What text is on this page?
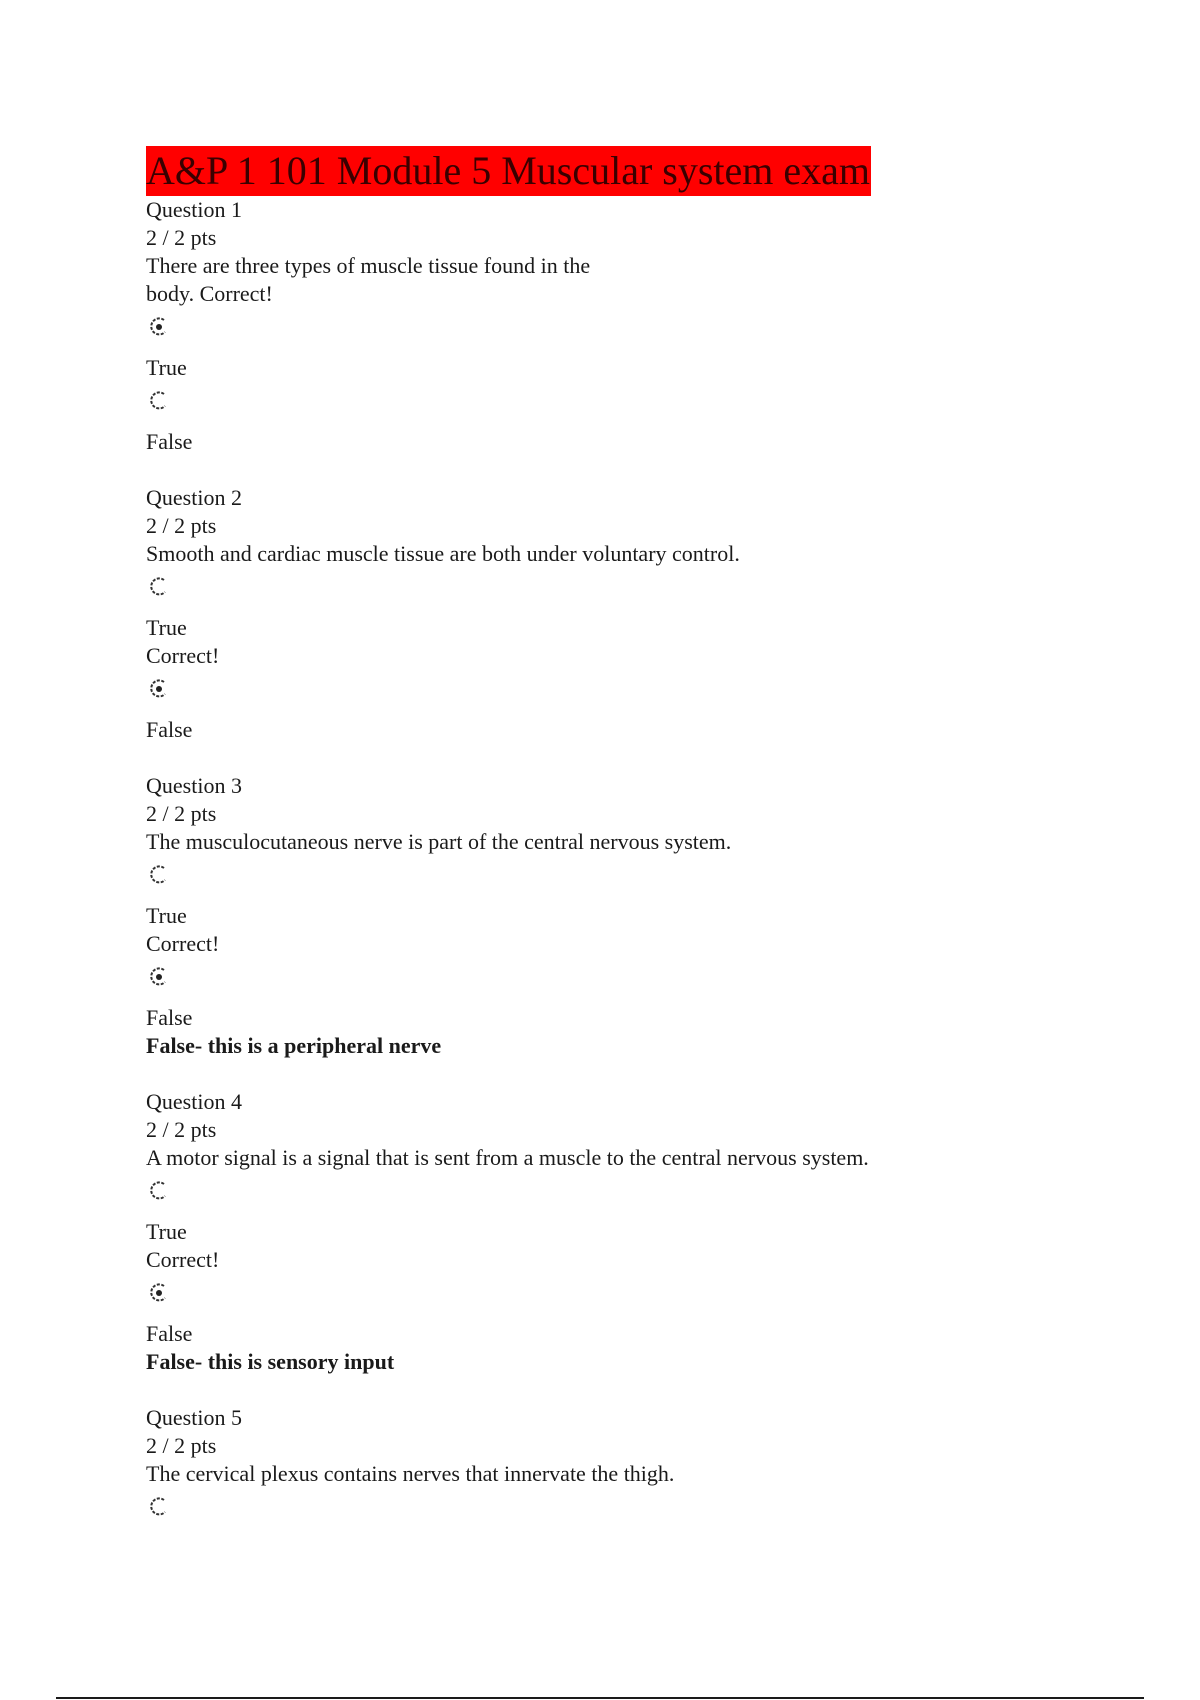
A&P 1 101 Module 5 Muscular system exam
Question 1
2 / 2 pts
There are three types of muscle tissue found in the
body. Correct!
True
False
Question 2
2 / 2 pts
Smooth and cardiac muscle tissue are both under voluntary control.
True
Correct!
False
Question 3
2 / 2 pts
The musculocutaneous nerve is part of the central nervous system.
True
Correct!
False
False- this is a peripheral nerve
Question 4
2 / 2 pts
A motor signal is a signal that is sent from a muscle to the central nervous system.
True
Correct!
False
False- this is sensory input
Question 5
2 / 2 pts
The cervical plexus contains nerves that innervate the thigh.
